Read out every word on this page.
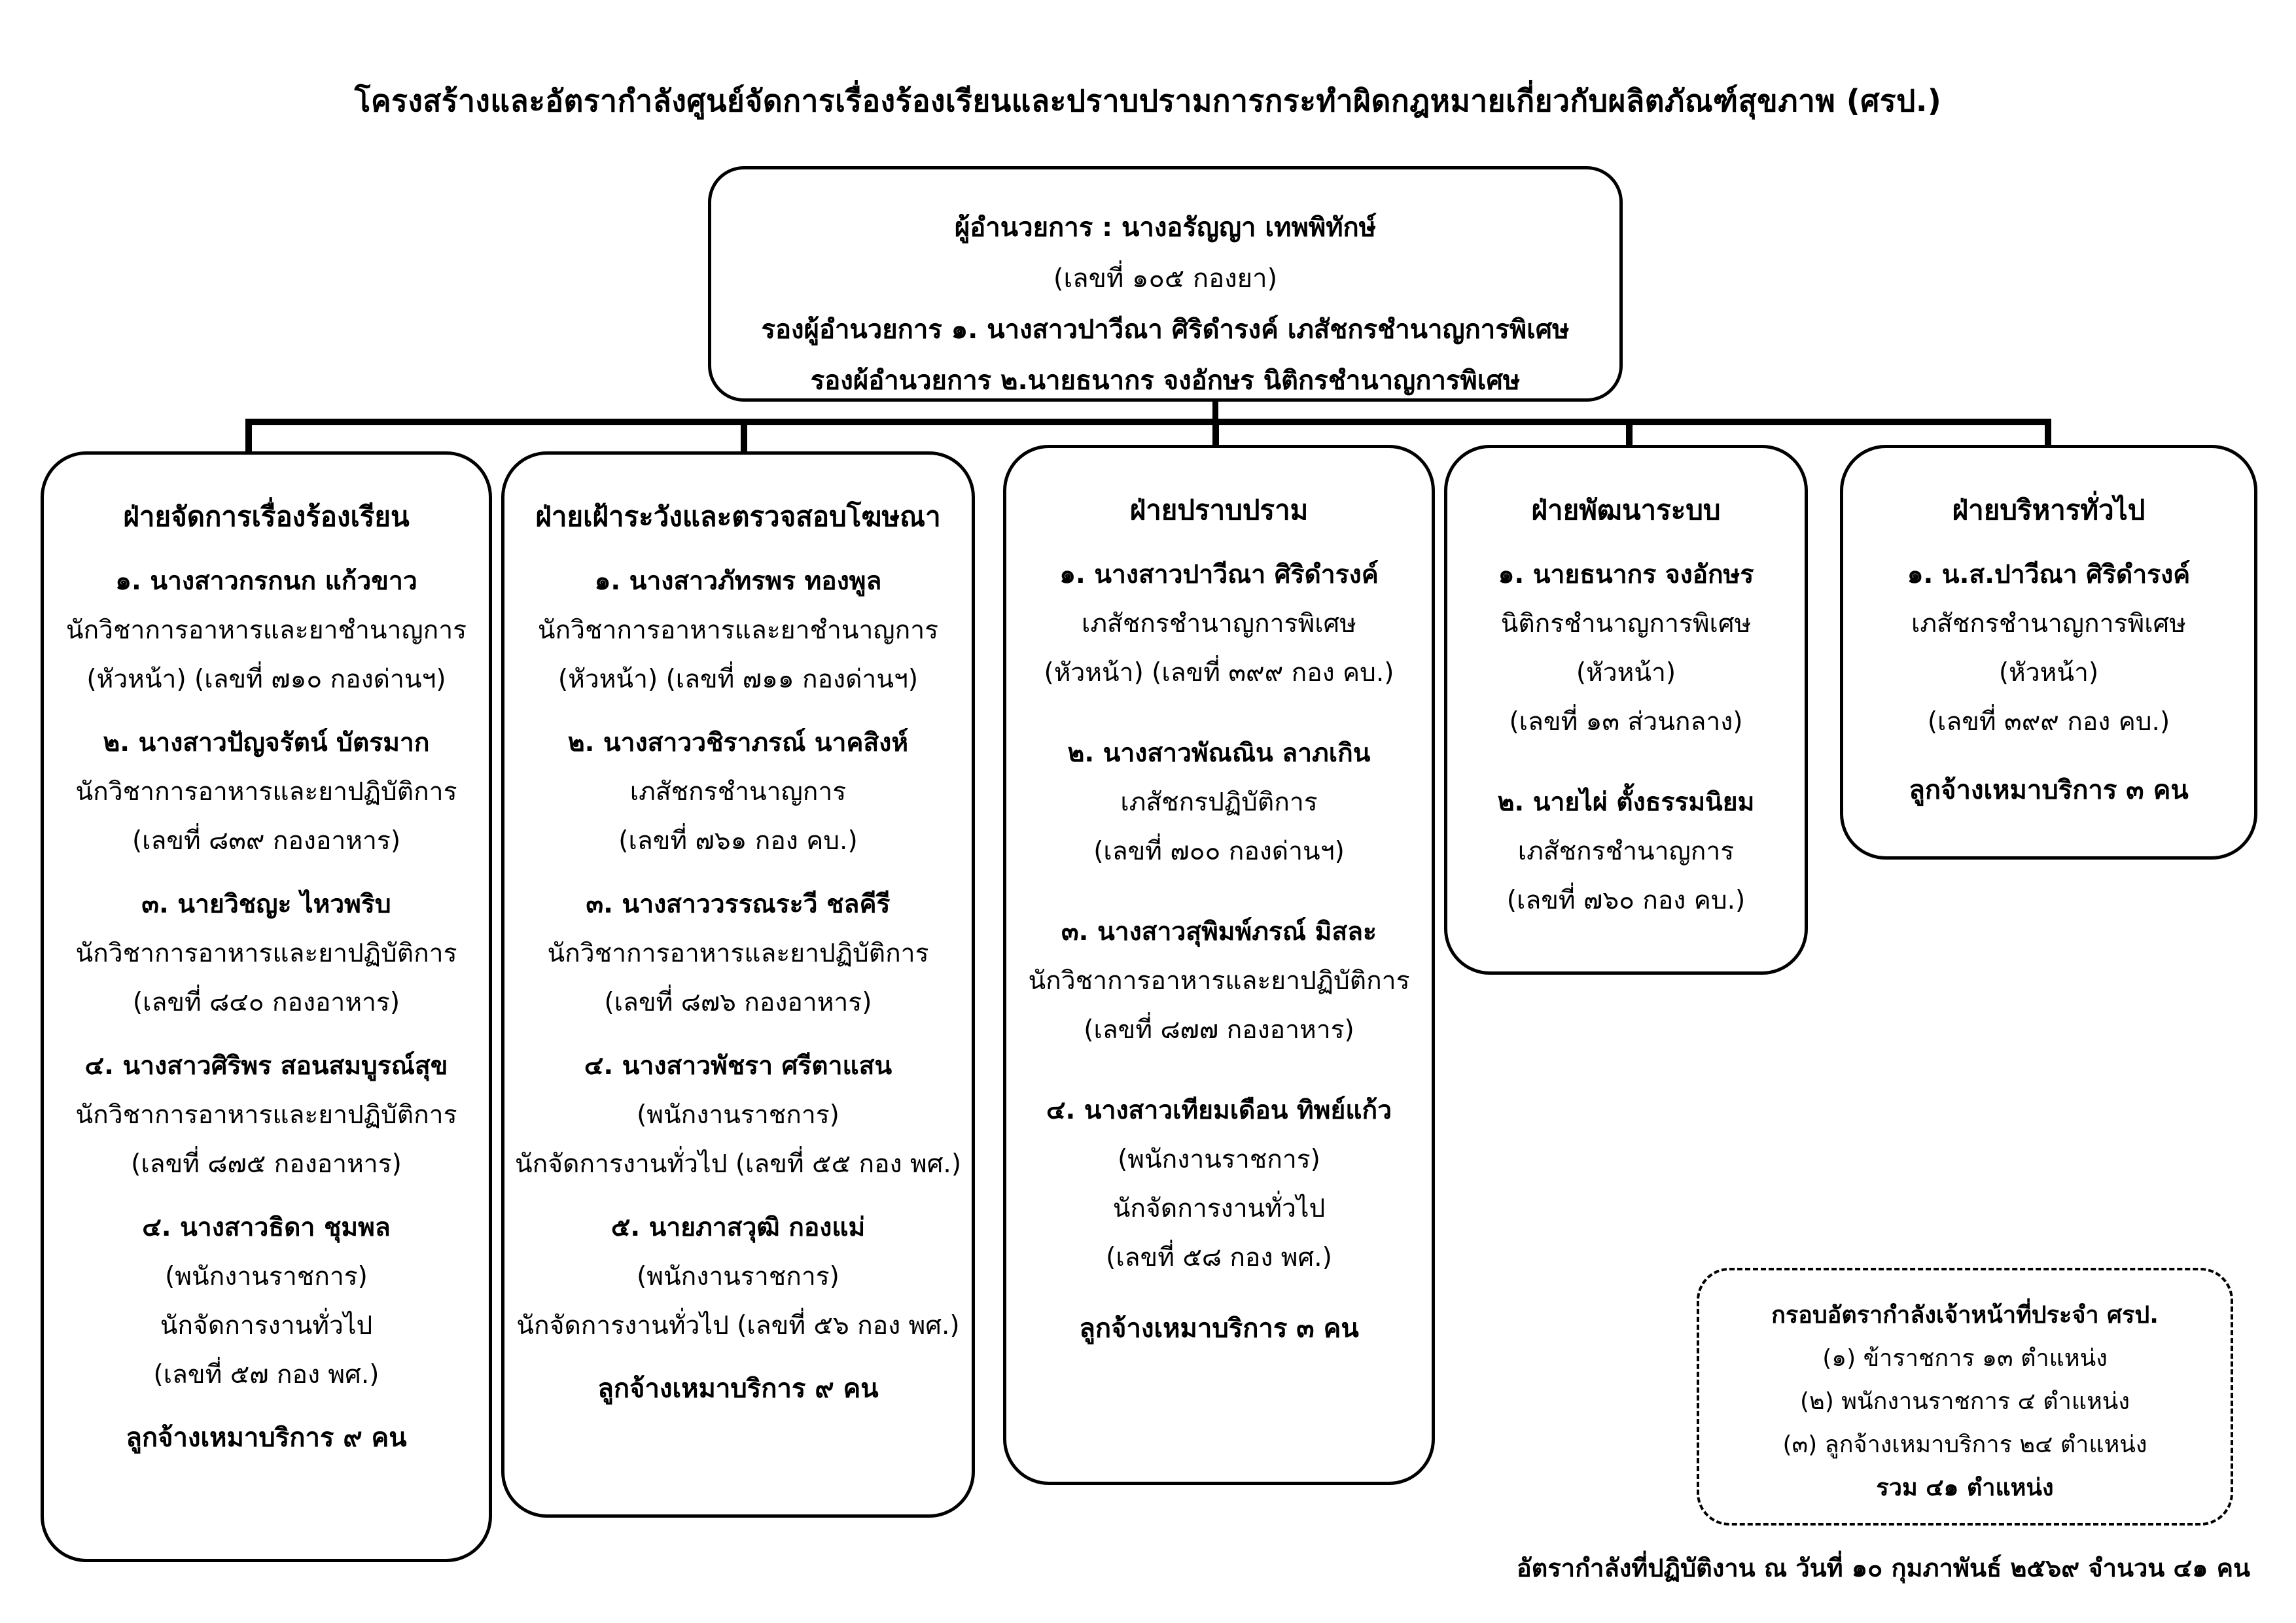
โครงสร้างและอัตรากำลังศูนย์จัดการเรื่องร้องเรียนและปราบปรามการกระทำผิดกฎหมายเกี่ยวกับผลิตภัณฑ์สุขภาพ (ศรป.)
ผู้อำนวยการ : นางอรัญญา เทพพิทักษ์
(เลขที่ ๑๐๕ กองยา)
รองผู้อำนวยการ ๑. นางสาวปาวีณา ศิริดำรงค์ เภสัชกรชำนาญการพิเศษ
รองผ้อำนวยการ ๒.นายธนากร จงอักษร นิติกรชำนาญการพิเศษ
ฝ่ายจัดการเรื่องร้องเรียน
๑. นางสาวกรกนก แก้วขาว
นักวิชาการอาหารและยาชำนาญการ
(หัวหน้า) (เลขที่ ๗๑๐ กองด่านฯ)
๒. นางสาวปัญจรัตน์ บัตรมาก
นักวิชาการอาหารและยาปฏิบัติการ
(เลขที่ ๘๓๙ กองอาหาร)
๓. นายวิชญะ ไหวพริบ
นักวิชาการอาหารและยาปฏิบัติการ
(เลขที่ ๘๔๐ กองอาหาร)
๔. นางสาวศิริพร สอนสมบูรณ์สุข
นักวิชาการอาหารและยาปฏิบัติการ
(เลขที่ ๘๗๕ กองอาหาร)
๔. นางสาวธิดา ชุมพล
(พนักงานราชการ)
นักจัดการงานทั่วไป
(เลขที่ ๕๗ กอง พศ.)
ลูกจ้างเหมาบริการ ๙ คน
ฝ่ายเฝ้าระวังและตรวจสอบโฆษณา
๑. นางสาวภัทรพร ทองพูล
นักวิชาการอาหารและยาชำนาญการ
(หัวหน้า) (เลขที่ ๗๑๑ กองด่านฯ)
๒. นางสาววชิราภรณ์ นาคสิงห์
เภสัชกรชำนาญการ
(เลขที่ ๗๖๑ กอง คบ.)
๓. นางสาววรรณระวี ชลคีรี
นักวิชาการอาหารและยาปฏิบัติการ
(เลขที่ ๘๗๖ กองอาหาร)
๔. นางสาวพัชรา ศรีตาแสน
(พนักงานราชการ)
นักจัดการงานทั่วไป (เลขที่ ๕๕ กอง พศ.)
๕. นายภาสวุฒิ กองแม่
(พนักงานราชการ)
นักจัดการงานทั่วไป (เลขที่ ๕๖ กอง พศ.)
ลูกจ้างเหมาบริการ ๙ คน
ฝ่ายปราบปราม
๑. นางสาวปาวีณา ศิริดำรงค์
เภสัชกรชำนาญการพิเศษ
(หัวหน้า) (เลขที่ ๓๙๙ กอง คบ.)
๒. นางสาวพัณณิน ลาภเกิน
เภสัชกรปฏิบัติการ
(เลขที่ ๗๐๐ กองด่านฯ)
๓. นางสาวสุพิมพ์ภรณ์ มิสละ
นักวิชาการอาหารและยาปฏิบัติการ
(เลขที่ ๘๗๗ กองอาหาร)
๔. นางสาวเทียมเดือน ทิพย์แก้ว
(พนักงานราชการ)
นักจัดการงานทั่วไป
(เลขที่ ๕๘ กอง พศ.)
ลูกจ้างเหมาบริการ ๓ คน
ฝ่ายพัฒนาระบบ
๑. นายธนากร จงอักษร
นิติกรชำนาญการพิเศษ
(หัวหน้า)
(เลขที่ ๑๓ ส่วนกลาง)
๒. นายไผ่ ตั้งธรรมนิยม
เภสัชกรชำนาญการ
(เลขที่ ๗๖๐ กอง คบ.)
ฝ่ายบริหารทั่วไป
๑. น.ส.ปาวีณา ศิริดำรงค์
เภสัชกรชำนาญการพิเศษ
(หัวหน้า)
(เลขที่ ๓๙๙ กอง คบ.)
ลูกจ้างเหมาบริการ ๓ คน
กรอบอัตรากำลังเจ้าหน้าที่ประจำ ศรป.
(๑) ข้าราชการ ๑๓ ตำแหน่ง
(๒) พนักงานราชการ ๔ ตำแหน่ง
(๓) ลูกจ้างเหมาบริการ ๒๔ ตำแหน่ง
รวม ๔๑ ตำแหน่ง
อัตรากำลังที่ปฏิบัติงาน ณ วันที่ ๑๐ กุมภาพันธ์ ๒๕๖๙ จำนวน ๔๑ คน
